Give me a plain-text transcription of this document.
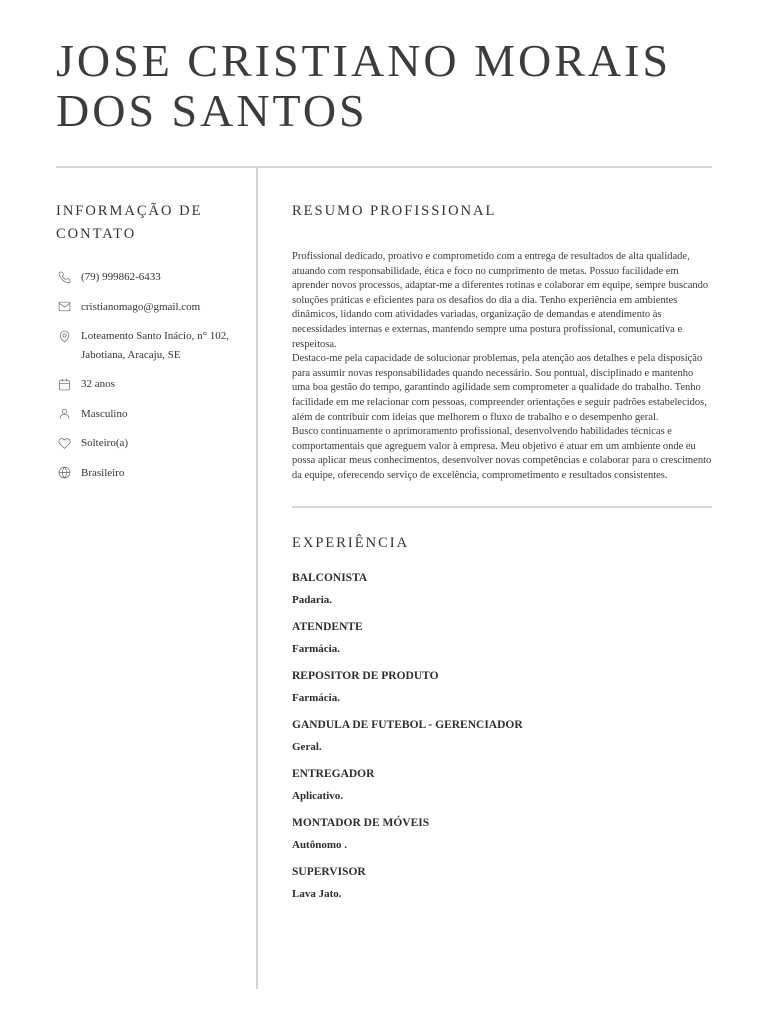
JOSE CRISTIANO MORAIS DOS SANTOS
INFORMAÇÃO DE CONTATO
(79) 999862-6433
cristianomago@gmail.com
Loteamento Santo Inácio, n° 102, Jabotiana, Aracaju, SE
32 anos
Masculino
Solteiro(a)
Brasileiro
RESUMO PROFISSIONAL

Profissional dedicado, proativo e comprometido com a entrega de resultados de alta qualidade, atuando com responsabilidade, ética e foco no cumprimento de metas. Possuo facilidade em aprender novos processos, adaptar-me a diferentes rotinas e colaborar em equipe, sempre buscando soluções práticas e eficientes para os desafios do dia a dia. Tenho experiência em ambientes dinâmicos, lidando com atividades variadas, organização de demandas e atendimento às necessidades internas e externas, mantendo sempre uma postura profissional, comunicativa e respeitosa.

Destaco-me pela capacidade de solucionar problemas, pela atenção aos detalhes e pela disposição para assumir novas responsabilidades quando necessário. Sou pontual, disciplinado e mantenho uma boa gestão do tempo, garantindo agilidade sem comprometer a qualidade do trabalho. Tenho facilidade em me relacionar com pessoas, compreender orientações e seguir padrões estabelecidos, além de contribuir com ideias que melhorem o fluxo de trabalho e o desempenho geral.

Busco continuamente o aprimoramento profissional, desenvolvendo habilidades técnicas e comportamentais que agreguem valor à empresa. Meu objetivo é atuar em um ambiente onde eu possa aplicar meus conhecimentos, desenvolver novas competências e colaborar para o crescimento da equipe, oferecendo serviço de excelência, comprometimento e resultados consistentes.

EXPERIÊNCIA
BALCONISTA
Padaria.
ATENDENTE
Farmácia.
REPOSITOR DE PRODUTO
Farmácia.
GANDULA DE FUTEBOL - GERENCIADOR
Geral.
ENTREGADOR
Aplicativo.
MONTADOR DE MÓVEIS
Autônomo .
SUPERVISOR
Lava Jato.
